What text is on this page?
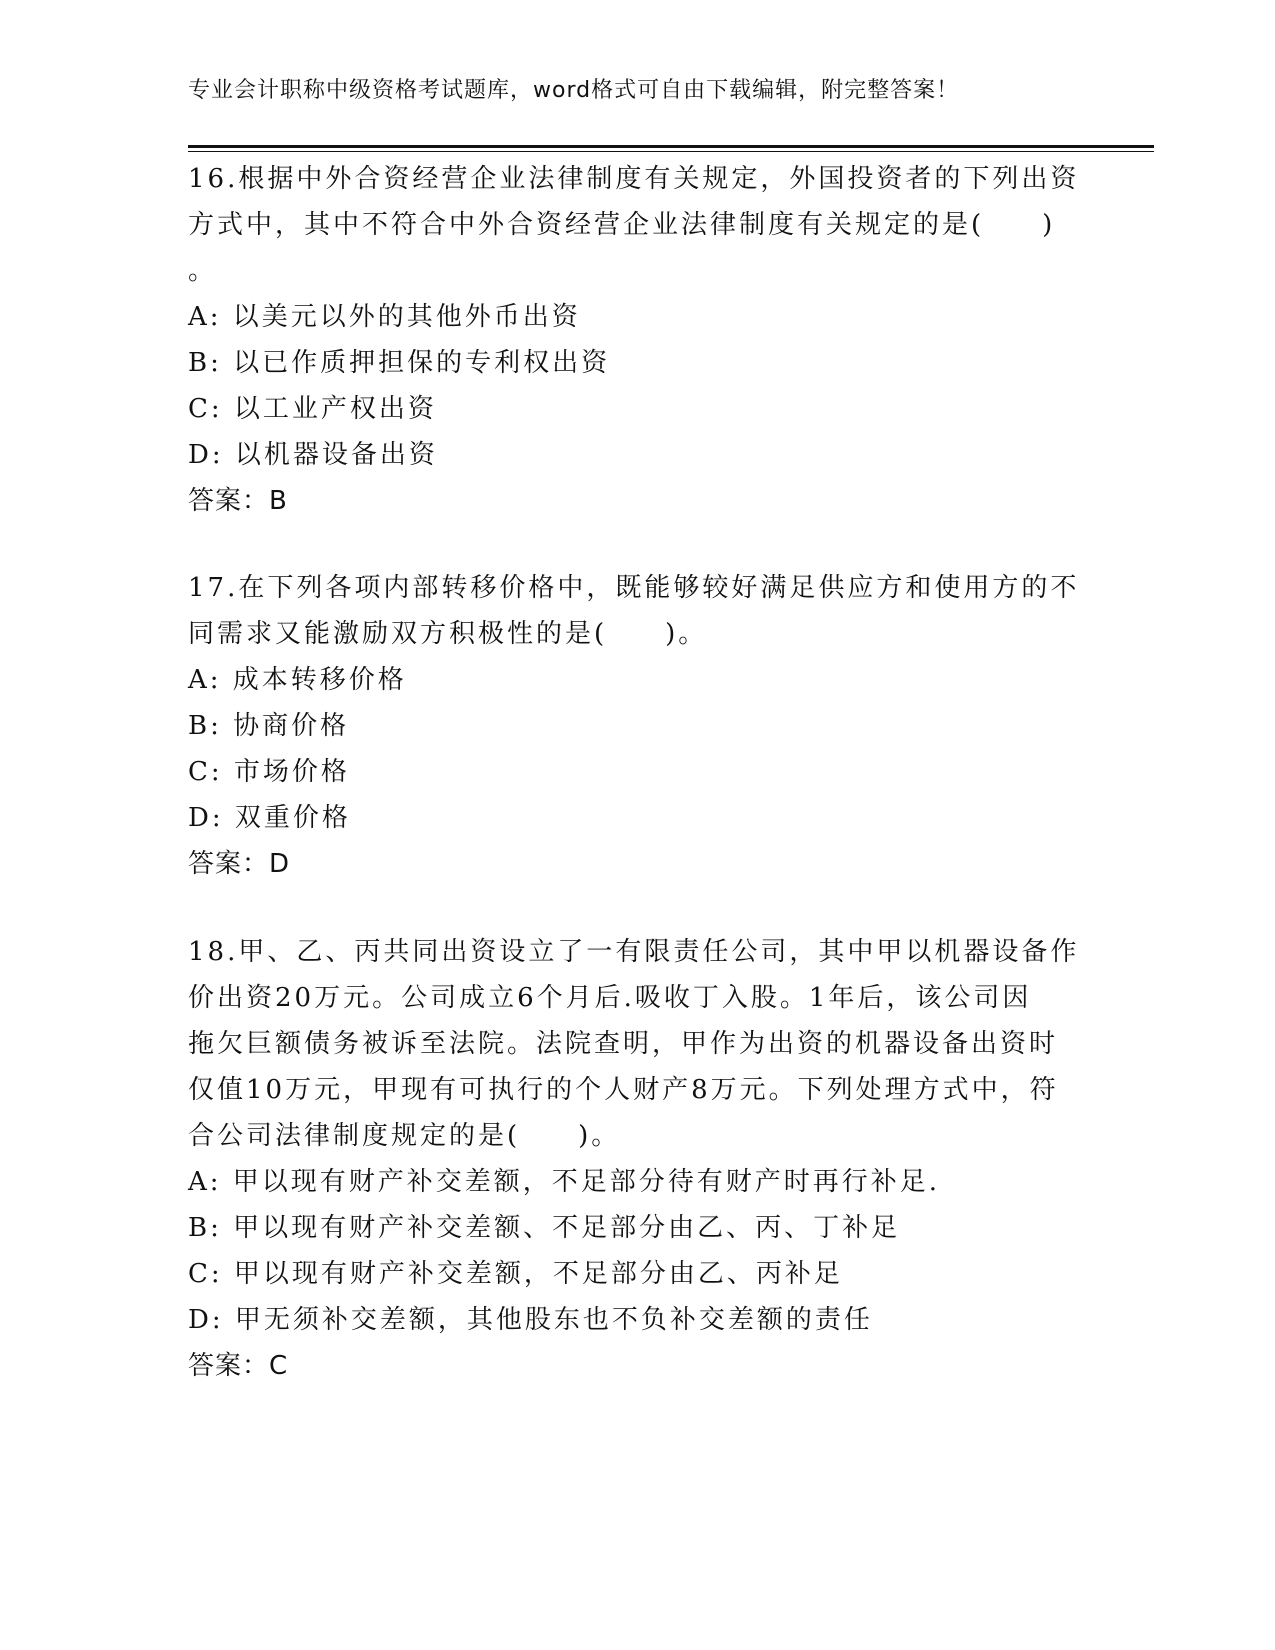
专业会计职称中级资格考试题库，word格式可自由下载编辑，附完整答案！

16.根据中外合资经营企业法律制度有关规定，外国投资者的下列出资

方式中，其中不符合中外合资经营企业法律制度有关规定的是(　　)

。

A: 以美元以外的其他外币出资

B: 以已作质押担保的专利权出资

C: 以工业产权出资

D: 以机器设备出资

答案：B

17.在下列各项内部转移价格中，既能够较好满足供应方和使用方的不

同需求又能激励双方积极性的是(　　)。

A: 成本转移价格

B: 协商价格

C: 市场价格

D: 双重价格

答案：D

18.甲、乙、丙共同出资设立了一有限责任公司，其中甲以机器设备作

价出资20万元。公司成立6个月后.吸收丁入股。1年后，该公司因

拖欠巨额债务被诉至法院。法院查明，甲作为出资的机器设备出资时

仅值10万元，甲现有可执行的个人财产8万元。下列处理方式中，符

合公司法律制度规定的是(　　)。

A: 甲以现有财产补交差额，不足部分待有财产时再行补足.

B: 甲以现有财产补交差额、不足部分由乙、丙、丁补足

C: 甲以现有财产补交差额，不足部分由乙、丙补足

D: 甲无须补交差额，其他股东也不负补交差额的责任

答案：C
